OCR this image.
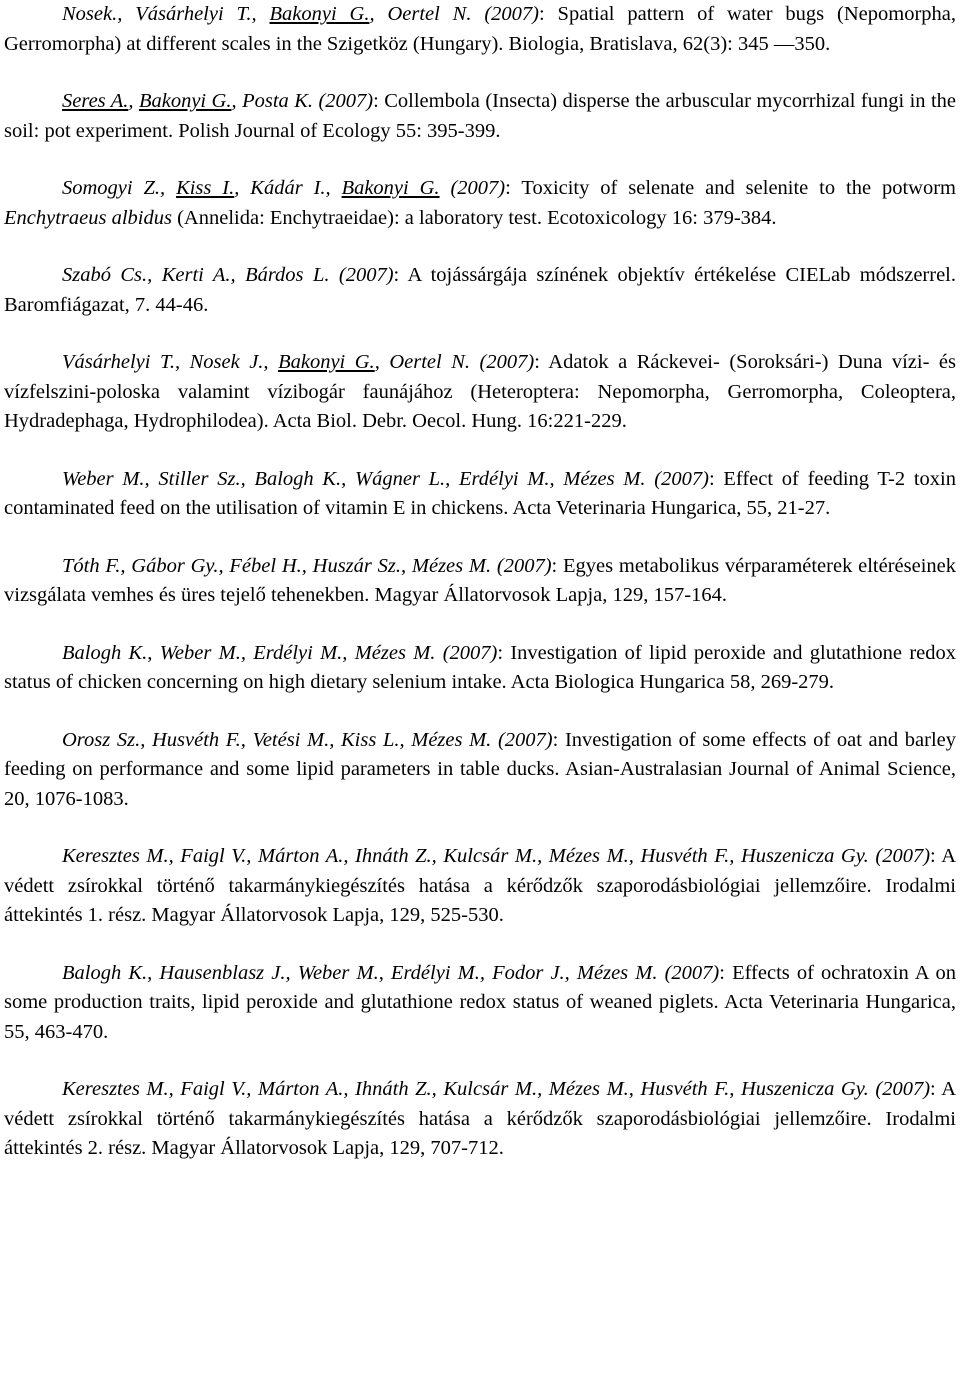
Nosek., Vásárhelyi T., Bakonyi G., Oertel N. (2007): Spatial pattern of water bugs (Nepomorpha, Gerromorpha) at different scales in the Szigetköz (Hungary). Biologia, Bratislava, 62(3): 345 —350.

Seres A., Bakonyi G., Posta K. (2007): Collembola (Insecta) disperse the arbuscular mycorrhizal fungi in the soil: pot experiment. Polish Journal of Ecology 55: 395-399.

Somogyi Z., Kiss I., Kádár I., Bakonyi G. (2007): Toxicity of selenate and selenite to the potworm Enchytraeus albidus (Annelida: Enchytraeidae): a laboratory test. Ecotoxicology 16: 379-384.

Szabó Cs., Kerti A., Bárdos L. (2007): A tojássárgája színének objektív értékelése CIELab módszerrel. Baromfiágazat, 7. 44-46.

Vásárhelyi T., Nosek J., Bakonyi G., Oertel N. (2007): Adatok a Ráckevei- (Soroksári-) Duna vízi- és vízfelszini-poloska valamint vízibogár faunájához (Heteroptera: Nepomorpha, Gerromorpha, Coleoptera, Hydradephaga, Hydrophilodea). Acta Biol. Debr. Oecol. Hung. 16:221-229.

Weber M., Stiller Sz., Balogh K., Wágner L., Erdélyi M., Mézes M. (2007): Effect of feeding T-2 toxin contaminated feed on the utilisation of vitamin E in chickens. Acta Veterinaria Hungarica, 55, 21-27.

Tóth F., Gábor Gy., Fébel H., Huszár Sz., Mézes M. (2007): Egyes metabolikus vérparaméterek eltéréseinek vizsgálata vemhes és üres tejelő tehenekben. Magyar Állatorvosok Lapja, 129, 157-164.

Balogh K., Weber M., Erdélyi M., Mézes M. (2007): Investigation of lipid peroxide and glutathione redox status of chicken concerning on high dietary selenium intake. Acta Biologica Hungarica 58, 269-279.

Orosz Sz., Husvéth F., Vetési M., Kiss L., Mézes M. (2007): Investigation of some effects of oat and barley feeding on performance and some lipid parameters in table ducks. Asian-Australasian Journal of Animal Science, 20, 1076-1083.

Keresztes M., Faigl V., Márton A., Ihnáth Z., Kulcsár M., Mézes M., Husvéth F., Huszenicza Gy. (2007): A védett zsírokkal történő takarmánykiegészítés hatása a kérődzők szaporodásbiológiai jellemzőire. Irodalmi áttekintés 1. rész. Magyar Állatorvosok Lapja, 129, 525-530.

Balogh K., Hausenblasz J., Weber M., Erdélyi M., Fodor J., Mézes M. (2007): Effects of ochratoxin A on some production traits, lipid peroxide and glutathione redox status of weaned piglets. Acta Veterinaria Hungarica, 55, 463-470.

Keresztes M., Faigl V., Márton A., Ihnáth Z., Kulcsár M., Mézes M., Husvéth F., Huszenicza Gy. (2007): A védett zsírokkal történő takarmánykiegészítés hatása a kérődzők szaporodásbiológiai jellemzőire. Irodalmi áttekintés 2. rész. Magyar Állatorvosok Lapja, 129, 707-712.
